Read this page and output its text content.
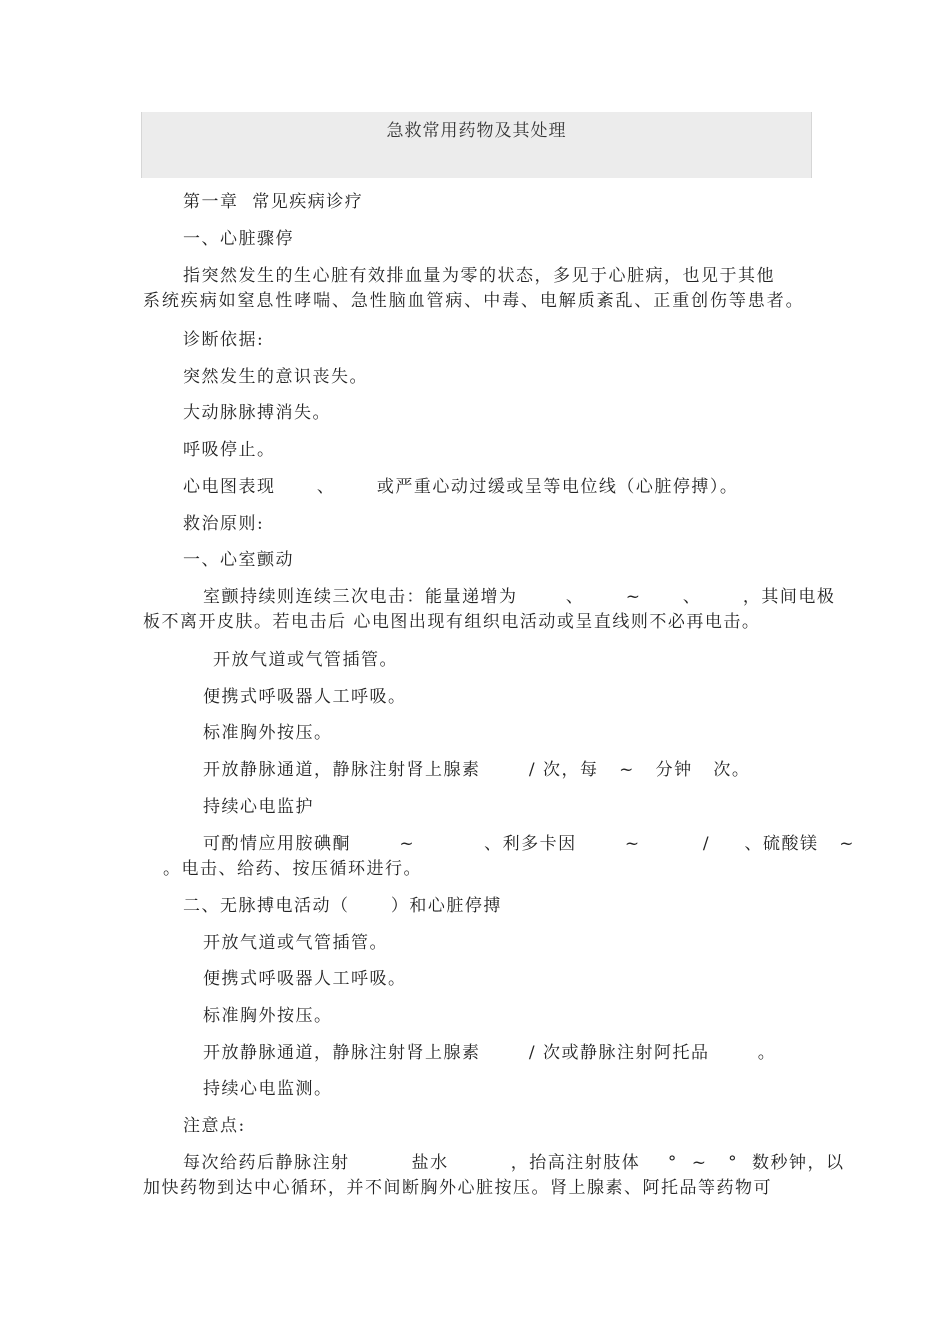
急救常用药物及其处理
第一章  常见疾病诊疗
一、心脏骤停
指突然发生的生心脏有效排血量为零的状态，多见于心脏病，也见于其他
系统疾病如窒息性哮喘、急性脑血管病、中毒、电解质紊乱、正重创伤等患者。
诊断依据:
突然发生的意识丧失。
大动脉脉搏消失。
呼吸停止。
心电图表现      、      或严重心动过缓或呈等电位线（心脏停搏）。
救治原则:
一、心室颤动
室颤持续则连续三次电击：能量递增为       、      ~      、      ，其间电极
板不离开皮肤。若电击后 心电图出现有组织电活动或呈直线则不必再电击。
开放气道或气管插管。
便携式呼吸器人工呼吸。
标准胸外按压。
开放静脉通道，静脉注射肾上腺素       / 次，每   ~   分钟   次。
持续心电监护
可酌情应用胺碘酮       ~          、利多卡因       ~         /     、硫酸镁   ~
。电击、给药、按压循环进行。
二、无脉搏电活动（      ）和心脏停搏
开放气道或气管插管。
便携式呼吸器人工呼吸。
标准胸外按压。
开放静脉通道，静脉注射肾上腺素       / 次或静脉注射阿托品       。
持续心电监测。
注意点:
每次给药后静脉注射         盐水         ，抬高注射肢体    °  ~   °  数秒钟，以
加快药物到达中心循环，并不间断胸外心脏按压。肾上腺素、阿托品等药物可
